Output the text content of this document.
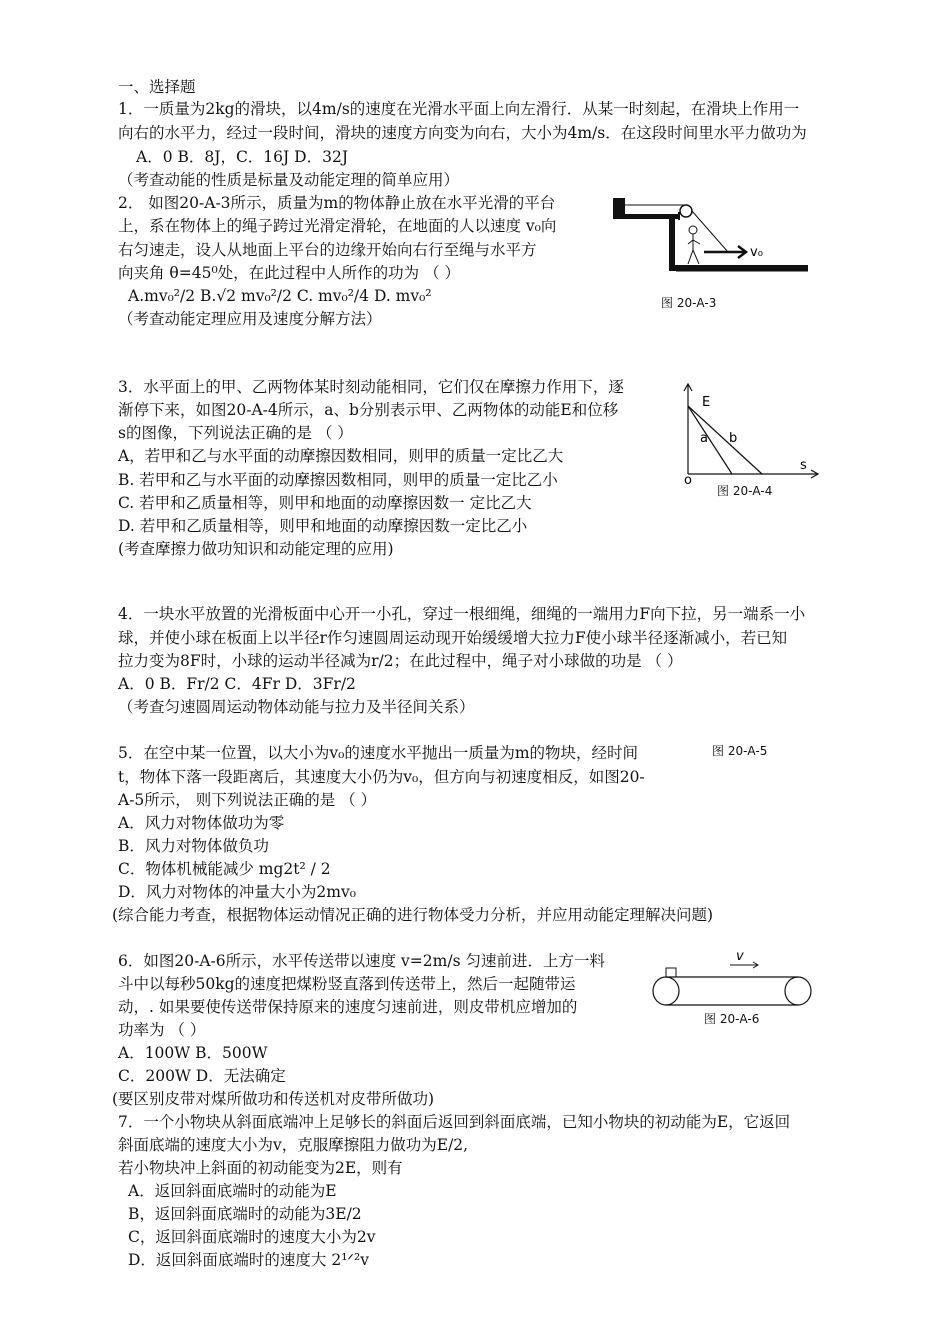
一、选择题
1．一质量为2kg的滑块，以4m/s的速度在光滑水平面上向左滑行．从某一时刻起，在滑块上作用一
向右的水平力，经过一段时间，滑块的速度方向变为向右，大小为4m/s．在这段时间里水平力做功为
A．0 B．8J，C．16J D．32J
（考查动能的性质是标量及动能定理的简单应用）
2． 如图20-A-3所示，质量为m的物体静止放在水平光滑的平台
上，系在物体上的绳子跨过光滑定滑轮，在地面的人以速度 v₀向
右匀速走，设人从地面上平台的边缘开始向右行至绳与水平方
向夹角 θ=45⁰处，在此过程中人所作的功为 （ ）
A.mv₀²/2 B.√2 mv₀²/2 C. mv₀²/4 D. mv₀²
（考查动能定理应用及速度分解方法）
v₀
图 20-A-3
3．水平面上的甲、乙两物体某时刻动能相同，它们仅在摩擦力作用下，逐
渐停下来，如图20-A-4所示，a、b分别表示甲、乙两物体的动能E和位移
s的图像，下列说法正确的是 （ ）
A，若甲和乙与水平面的动摩擦因数相同，则甲的质量一定比乙大
B. 若甲和乙与水平面的动摩擦因数相同，则甲的质量一定比乙小
C. 若甲和乙质量相等，则甲和地面的动摩擦因数一 定比乙大
D. 若甲和乙质量相等，则甲和地面的动摩擦因数一定比乙小
(考查摩擦力做功知识和动能定理的应用)
E
a b
s
o
图 20-A-4
4．一块水平放置的光滑板面中心开一小孔，穿过一根细绳，细绳的一端用力F向下拉，另一端系一小
球，并使小球在板面上以半径r作匀速圆周运动现开始缓缓增大拉力F使小球半径逐渐减小，若已知
拉力变为8F时，小球的运动半径减为r/2；在此过程中，绳子对小球做的功是 （ ）
A．0 B．Fr/2 C．4Fr D．3Fr/2
（考查匀速圆周运动物体动能与拉力及半径间关系）
5．在空中某一位置，以大小为v₀的速度水平抛出一质量为m的物块，经时间
t，物体下落一段距离后，其速度大小仍为v₀，但方向与初速度相反，如图20-
A-5所示， 则下列说法正确的是 （ ）
A．风力对物体做功为零
B．风力对物体做负功
C．物体机械能减少 mg2t² / 2
D．风力对物体的冲量大小为2mv₀
(综合能力考查，根据物体运动情况正确的进行物体受力分析，并应用动能定理解决问题)
图 20-A-5
6．如图20-A-6所示，水平传送带以速度 v=2m/s 匀速前进．上方一料
斗中以每秒50kg的速度把煤粉竖直落到传送带上，然后一起随带运
动，. 如果要使传送带保持原来的速度匀速前进，则皮带机应增加的
功率为 （ ）
A．100W B．500W
C．200W D．无法确定
(要区别皮带对煤所做功和传送机对皮带所做功)
v
图 20-A-6
7．一个小物块从斜面底端冲上足够长的斜面后返回到斜面底端，已知小物块的初动能为E，它返回
斜面底端的速度大小为v，克服摩擦阻力做功为E/2,
若小物块冲上斜面的初动能变为2E，则有
A．返回斜面底端时的动能为E
B，返回斜面底端时的动能为3E/2
C，返回斜面底端时的速度大小为2v
D．返回斜面底端时的速度大 2¹ᐟ²v
